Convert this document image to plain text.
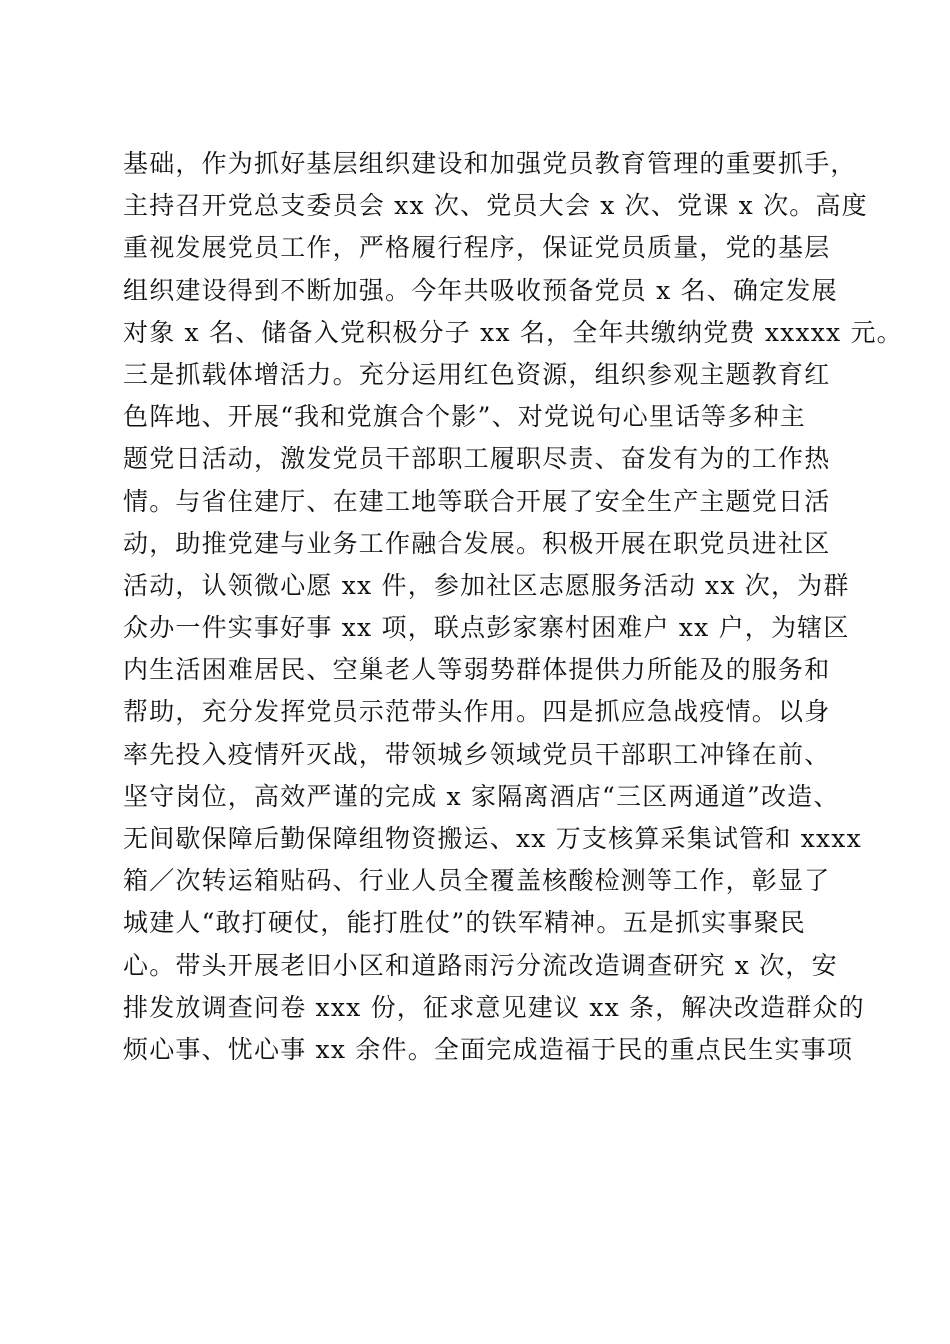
基础，作为抓好基层组织建设和加强党员教育管理的重要抓手，
主持召开党总支委员会 xx 次、党员大会 x 次、党课 x 次。高度
重视发展党员工作，严格履行程序，保证党员质量，党的基层
组织建设得到不断加强。今年共吸收预备党员 x 名、确定发展
对象 x 名、储备入党积极分子 xx 名，全年共缴纳党费 xxxxx 元。
三是抓载体增活力。充分运用红色资源，组织参观主题教育红
色阵地、开展“我和党旗合个影”、对党说句心里话等多种主
题党日活动，激发党员干部职工履职尽责、奋发有为的工作热
情。与省住建厅、在建工地等联合开展了安全生产主题党日活
动，助推党建与业务工作融合发展。积极开展在职党员进社区
活动，认领微心愿 xx 件，参加社区志愿服务活动 xx 次，为群
众办一件实事好事 xx 项，联点彭家寨村困难户 xx 户，为辖区
内生活困难居民、空巢老人等弱势群体提供力所能及的服务和
帮助，充分发挥党员示范带头作用。四是抓应急战疫情。以身
率先投入疫情歼灭战，带领城乡领域党员干部职工冲锋在前、
坚守岗位，高效严谨的完成 x 家隔离酒店“三区两通道”改造、
无间歇保障后勤保障组物资搬运、xx 万支核算采集试管和 xxxx
箱／次转运箱贴码、行业人员全覆盖核酸检测等工作，彰显了
城建人“敢打硬仗，能打胜仗”的铁军精神。五是抓实事聚民
心。带头开展老旧小区和道路雨污分流改造调查研究 x 次，安
排发放调查问卷 xxx 份，征求意见建议 xx 条，解决改造群众的
烦心事、忧心事 xx 余件。全面完成造福于民的重点民生实事项
